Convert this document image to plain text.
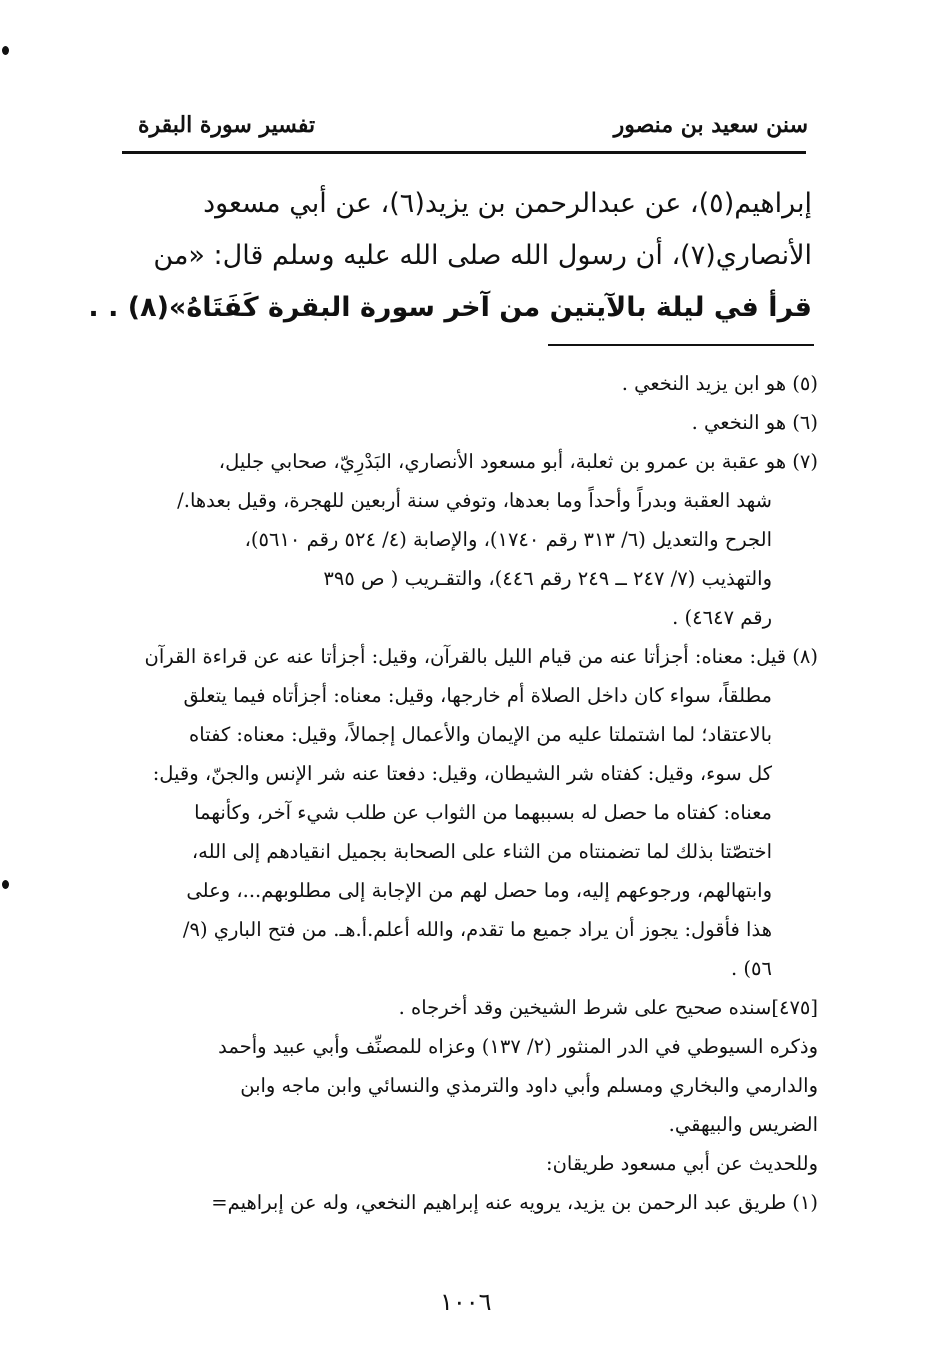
سنن سعيد بن منصور
تفسير سورة البقرة
إبراهيم(٥)، عن عبدالرحمن بن يزيد(٦)، عن أبي مسعود
الأنصاري(٧)، أن رسول الله صلى الله عليه وسلم قال: «من
قرأ في ليلة بالآيتين من آخر سورة البقرة كَفَتَاهُ»(٨) . .
(٥) هو ابن يزيد النخعي .
(٦) هو النخعي .
(٧) هو عقبة بن عمرو بن ثعلبة، أبو مسعود الأنصاري، البَدْرِيّ، صحابي جليل،
شهد العقبة وبدراً وأحداً وما بعدها، وتوفي سنة أربعين للهجرة، وقيل بعدها./
الجرح والتعديل (٦/ ٣١٣ رقم ١٧٤٠)، والإصابة (٤/ ٥٢٤ رقم ٥٦١٠)،
والتهذيب (٧/ ٢٤٧ ــ ٢٤٩ رقم ٤٤٦)، والتقـريب ( ص ٣٩٥
رقم ٤٦٤٧) .
(٨) قيل: معناه: أجزأتا عنه من قيام الليل بالقرآن، وقيل: أجزأتا عنه عن قراءة القرآن
مطلقاً، سواء كان داخل الصلاة أم خارجها، وقيل: معناه: أجزأتاه فيما يتعلق
بالاعتقاد؛ لما اشتملتا عليه من الإيمان والأعمال إجمالاً، وقيل: معناه: كفتاه
كل سوء، وقيل: كفتاه شر الشيطان، وقيل: دفعتا عنه شر الإنس والجنّ، وقيل:
معناه: كفتاه ما حصل له بسببهما من الثواب عن طلب شيء آخر، وكأنهما
اختصّتا بذلك لما تضمنتاه من الثناء على الصحابة بجميل انقيادهم إلى الله،
وابتهالهم، ورجوعهم إليه، وما حصل لهم من الإجابة إلى مطلوبهم...، وعلى
هذا فأقول: يجوز أن يراد جميع ما تقدم، والله أعلم.أ.هـ. من فتح الباري (٩/
٥٦) .
[٤٧٥]سنده صحيح على شرط الشيخين وقد أخرجاه .
وذكره السيوطي في الدر المنثور (٢/ ١٣٧) وعزاه للمصنِّف وأبي عبيد وأحمد
والدارمي والبخاري ومسلم وأبي داود والترمذي والنسائي وابن ماجه وابن
الضريس والبيهقي.
وللحديث عن أبي مسعود طريقان:
(١) طريق عبد الرحمن بن يزيد، يرويه عنه إبراهيم النخعي، وله عن إبراهيم=
١٠٠٦
